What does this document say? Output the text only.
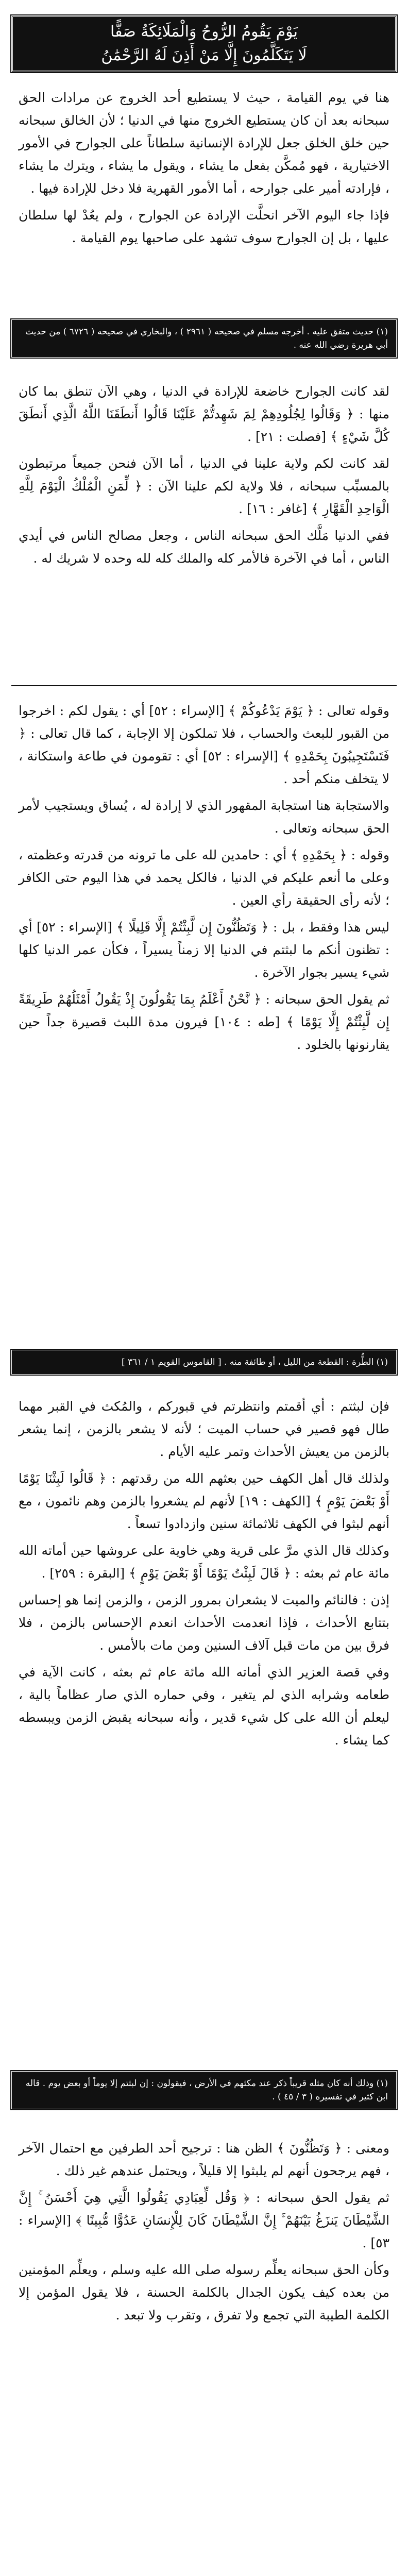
يَوْمَ يَقُومُ الرُّوحُ وَالْمَلَائِكَةُ صَفًّا
لَا يَتَكَلَّمُونَ إِلَّا مَنْ أَذِنَ لَهُ الرَّحْمَٰنُ

هنا في يوم القيامة ، حيث لا يستطيع أحد الخروج عن مرادات الحق سبحانه بعد أن كان يستطيع الخروج منها في الدنيا ؛ لأن الخالق سبحانه حين خلق الخلق جعل للإرادة الإنسانية سلطاناً على الجوارح في الأمور الاختيارية ، فهو مُمكَّن بفعل ما يشاء ، ويقول ما يشاء ، ويترك ما يشاء ، فإرادته أمير على جوارحه ، أما الأمور القهرية فلا دخل للإرادة فيها .

فإذا جاء اليوم الآخر انحلَّت الإرادة عن الجوارح ، ولم يعُدْ لها سلطان عليها ، بل إن الجوارح سوف تشهد على صاحبها يوم القيامة .

(١) حديث متفق عليه . أخرجه مسلم في صحيحه ( ٢٩٦١ ) ، والبخاري في صحيحه ( ٦٧٢٦ ) من حديث أبي هريرة رضي الله عنه .

لقد كانت الجوارح خاضعة للإرادة في الدنيا ، وهي الآن تنطق بما كان منها : ﴿ وَقَالُوا لِجُلُودِهِمْ لِمَ شَهِدتُّمْ عَلَيْنَا قَالُوا أَنطَقَنَا اللَّهُ الَّذِي أَنطَقَ كُلَّ شَيْءٍ ﴾ [فصلت : ٢١] .

لقد كانت لكم ولاية علينا في الدنيا ، أما الآن فنحن جميعاً مرتبطون بالمسبِّب سبحانه ، فلا ولاية لكم علينا الآن : ﴿ لِّمَنِ الْمُلْكُ الْيَوْمَ لِلَّهِ الْوَاحِدِ الْقَهَّارِ ﴾ [غافر : ١٦] .

ففي الدنيا مَلَّك الحق سبحانه الناس ، وجعل مصالح الناس في أيدي الناس ، أما في الآخرة فالأمر كله والملك كله لله وحده لا شريك له .

وقوله تعالى : ﴿ يَوْمَ يَدْعُوكُمْ ﴾ [الإسراء : ٥٢] أي : يقول لكم : اخرجوا من القبور للبعث والحساب ، فلا تملكون إلا الإجابة ، كما قال تعالى : ﴿ فَتَسْتَجِيبُونَ بِحَمْدِهِ ﴾ [الإسراء : ٥٢] أي : تقومون في طاعة واستكانة ، لا يتخلف منكم أحد .

والاستجابة هنا استجابة المقهور الذي لا إرادة له ، يُساق ويستجيب لأمر الحق سبحانه وتعالى .

وقوله : ﴿ بِحَمْدِهِ ﴾ أي : حامدين لله على ما ترونه من قدرته وعظمته ، وعلى ما أنعم عليكم في الدنيا ، فالكل يحمد في هذا اليوم حتى الكافر ؛ لأنه رأى الحقيقة رأي العين .

ليس هذا وفقط ، بل : ﴿ وَتَظُنُّونَ إِن لَّبِثْتُمْ إِلَّا قَلِيلًا ﴾ [الإسراء : ٥٢] أي : تظنون أنكم ما لبثتم في الدنيا إلا زمناً يسيراً ، فكأن عمر الدنيا كلها شيء يسير بجوار الآخرة .

ثم يقول الحق سبحانه : ﴿ نَّحْنُ أَعْلَمُ بِمَا يَقُولُونَ إِذْ يَقُولُ أَمْثَلُهُمْ طَرِيقَةً إِن لَّبِثْتُمْ إِلَّا يَوْمًا ﴾ [طه : ١٠٤] فيرون مدة اللبث قصيرة جداً حين يقارنونها بالخلود .

(١) الطُّرة : القطعة من الليل ، أو طائفة منه . [ القاموس القويم ١ / ٣٦١ ]

فإن لبثتم : أي أقمتم وانتظرتم في قبوركم ، والمُكث في القبر مهما طال فهو قصير في حساب الميت ؛ لأنه لا يشعر بالزمن ، إنما يشعر بالزمن من يعيش الأحداث وتمر عليه الأيام .

ولذلك قال أهل الكهف حين بعثهم الله من رقدتهم : ﴿ قَالُوا لَبِثْنَا يَوْمًا أَوْ بَعْضَ يَوْمٍ ﴾ [الكهف : ١٩] لأنهم لم يشعروا بالزمن وهم نائمون ، مع أنهم لبثوا في الكهف ثلاثمائة سنين وازدادوا تسعاً .

وكذلك قال الذي مرَّ على قرية وهي خاوية على عروشها حين أماته الله مائة عام ثم بعثه : ﴿ قَالَ لَبِثْتُ يَوْمًا أَوْ بَعْضَ يَوْمٍ ﴾ [البقرة : ٢٥٩] .

إذن : فالنائم والميت لا يشعران بمرور الزمن ، والزمن إنما هو إحساس بتتابع الأحداث ، فإذا انعدمت الأحداث انعدم الإحساس بالزمن ، فلا فرق بين من مات قبل آلاف السنين ومن مات بالأمس .

وفي قصة العزير الذي أماته الله مائة عام ثم بعثه ، كانت الآية في طعامه وشرابه الذي لم يتغير ، وفي حماره الذي صار عظاماً بالية ، ليعلم أن الله على كل شيء قدير ، وأنه سبحانه يقبض الزمن ويبسطه كما يشاء .

(١) وذلك أنه كان مثله قريباً ذكر عند مكثهم في الأرض ، فيقولون : إن لبثتم إلا يوماً أو بعض يوم . قاله ابن كثير في تفسيره ( ٣ / ٤٥ ) .

ومعنى : ﴿ وَتَظُنُّونَ ﴾ الظن هنا : ترجيح أحد الطرفين مع احتمال الآخر ، فهم يرجحون أنهم لم يلبثوا إلا قليلاً ، ويحتمل عندهم غير ذلك .

ثم يقول الحق سبحانه : ﴿ وَقُل لِّعِبَادِي يَقُولُوا الَّتِي هِيَ أَحْسَنُ ۚ إِنَّ الشَّيْطَانَ يَنزَغُ بَيْنَهُمْ ۚ إِنَّ الشَّيْطَانَ كَانَ لِلْإِنسَانِ عَدُوًّا مُّبِينًا ﴾ [الإسراء : ٥٣] .

وكأن الحق سبحانه يعلِّم رسوله صلى الله عليه وسلم ، ويعلِّم المؤمنين من بعده كيف يكون الجدال بالكلمة الحسنة ، فلا يقول المؤمن إلا الكلمة الطيبة التي تجمع ولا تفرق ، وتقرب ولا تبعد .
